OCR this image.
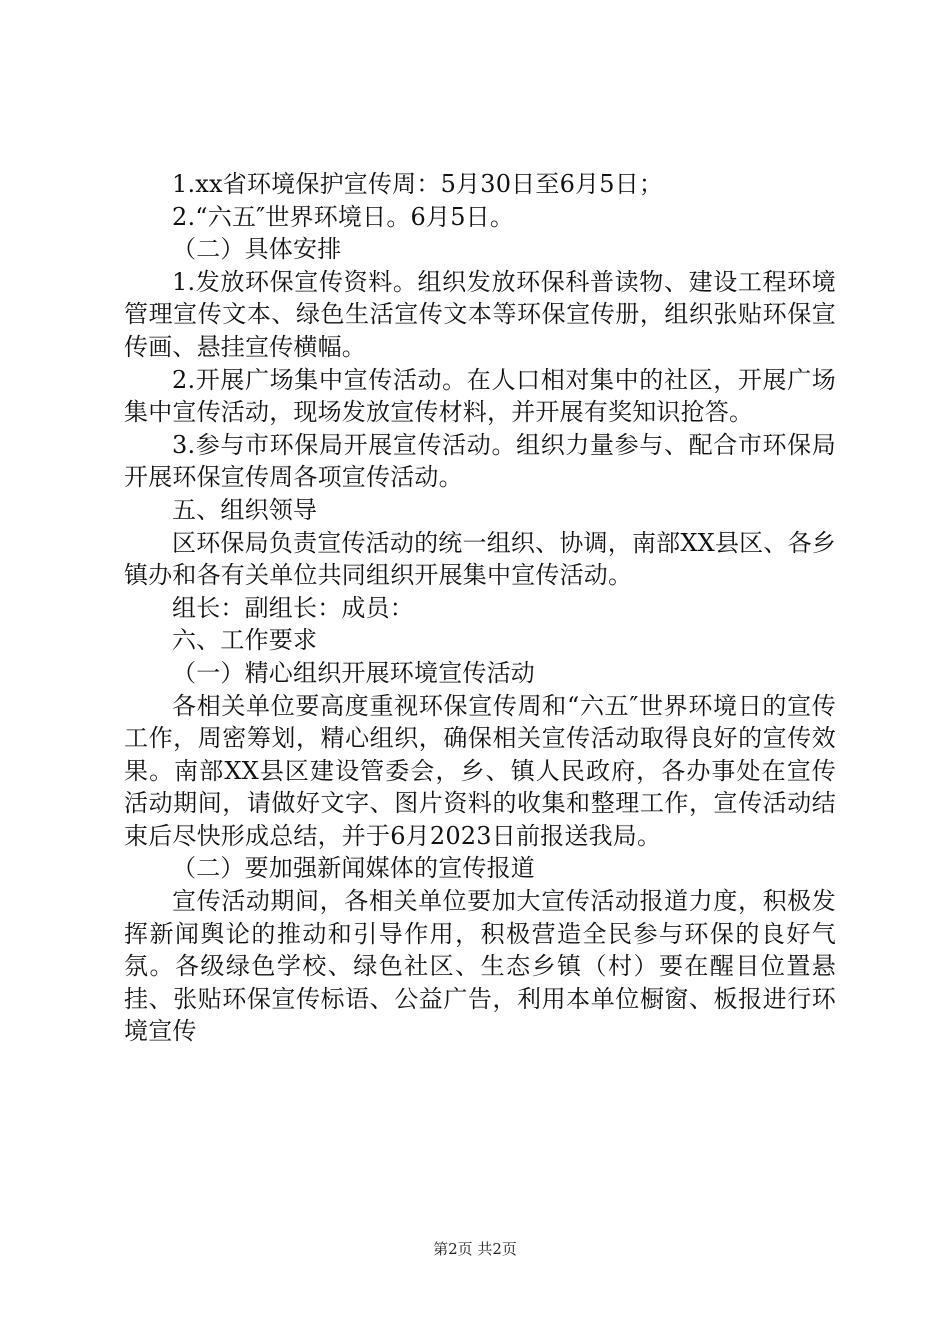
1.xx省环境保护宣传周：5月30日至6月5日；

2.“六五″世界环境日。6月5日。

（二）具体安排

1.发放环保宣传资料。组织发放环保科普读物、建设工程环境管理宣传文本、绿色生活宣传文本等环保宣传册，组织张贴环保宣传画、悬挂宣传横幅。

2.开展广场集中宣传活动。在人口相对集中的社区，开展广场集中宣传活动，现场发放宣传材料，并开展有奖知识抢答。

3.参与市环保局开展宣传活动。组织力量参与、配合市环保局开展环保宣传周各项宣传活动。

五、组织领导

区环保局负责宣传活动的统一组织、协调，南部XX县区、各乡镇办和各有关单位共同组织开展集中宣传活动。

组长：副组长：成员：

六、工作要求

（一）精心组织开展环境宣传活动

各相关单位要高度重视环保宣传周和“六五″世界环境日的宣传工作，周密筹划，精心组织，确保相关宣传活动取得良好的宣传效果。南部XX县区建设管委会，乡、镇人民政府，各办事处在宣传活动期间，请做好文字、图片资料的收集和整理工作，宣传活动结束后尽快形成总结，并于6月2023日前报送我局。

（二）要加强新闻媒体的宣传报道

宣传活动期间，各相关单位要加大宣传活动报道力度，积极发挥新闻舆论的推动和引导作用，积极营造全民参与环保的良好气氛。各级绿色学校、绿色社区、生态乡镇（村）要在醒目位置悬挂、张贴环保宣传标语、公益广告，利用本单位橱窗、板报进行环境宣传

第2页 共2页
